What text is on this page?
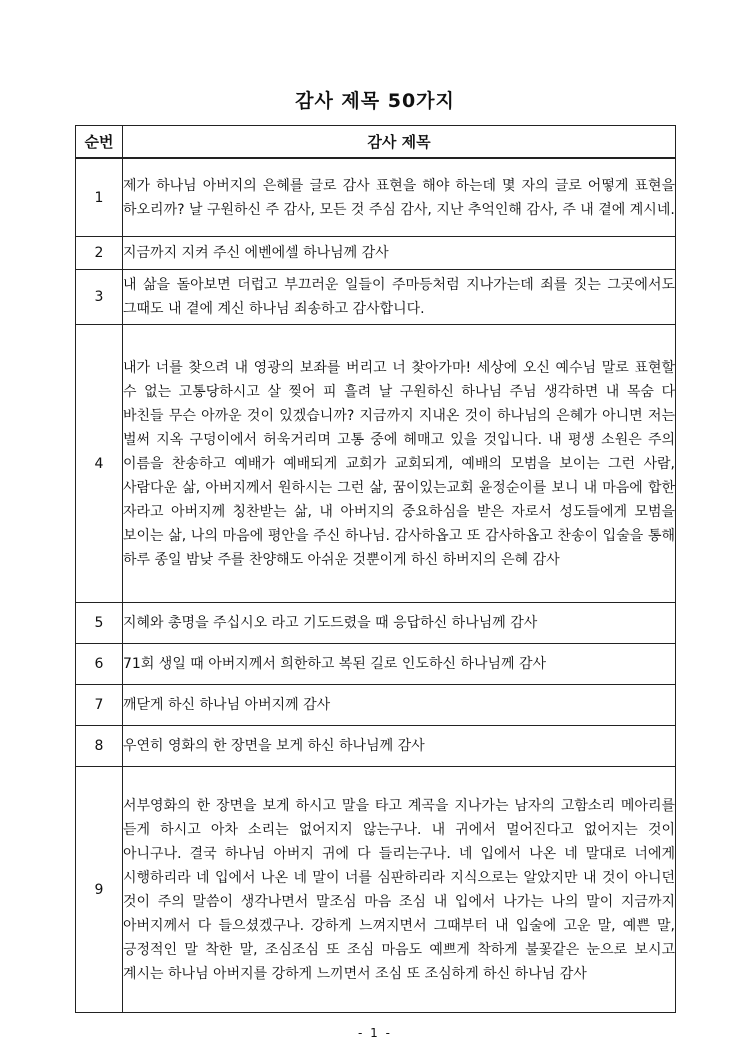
감사 제목 50가지
순번	감사 제목
1	제가 하나님 아버지의 은혜를 글로 감사 표현을 해야 하는데 몇 자의 글로 어떻게 표현을 하오리까? 날 구원하신 주 감사, 모든 것 주심 감사, 지난 추억인해 감사, 주 내 곁에 계시네.
2	지금까지 지켜 주신 에벤에셀 하나님께 감사
3	내 삶을 돌아보면 더럽고 부끄러운 일들이 주마등처럼 지나가는데 죄를 짓는 그곳에서도 그때도 내 곁에 계신 하나님 죄송하고 감사합니다.
4	내가 너를 찾으려 내 영광의 보좌를 버리고 너 찾아가마! 세상에 오신 예수님 말로 표현할 수 없는 고통당하시고 살 찢어 피 흘려 날 구원하신 하나님 주님 생각하면 내 목숨 다 바친들 무슨 아까운 것이 있겠습니까? 지금까지 지내온 것이 하나님의 은혜가 아니면 저는 벌써 지옥 구덩이에서 허욱거리며 고통 중에 헤매고 있을 것입니다. 내 평생 소원은 주의 이름을 찬송하고 예배가 예배되게 교회가 교회되게, 예배의 모범을 보이는 그런 사람, 사람다운 삶, 아버지께서 원하시는 그런 삶, 꿈이있는교회 윤정순이를 보니 내 마음에 합한 자라고 아버지께 칭찬받는 삶, 내 아버지의 중요하심을 받은 자로서 성도들에게 모범을 보이는 삶, 나의 마음에 평안을 주신 하나님. 감사하옵고 또 감사하옵고 찬송이 입술을 통해 하루 종일 밤낮 주를 찬양해도 아쉬운 것뿐이게 하신 하버지의 은혜 감사
5	지혜와 총명을 주십시오 라고 기도드렸을 때 응답하신 하나님께 감사
6	71회 생일 때 아버지께서 희한하고 복된 길로 인도하신 하나님께 감사
7	깨닫게 하신 하나님 아버지께 감사
8	우연히 영화의 한 장면을 보게 하신 하나님께 감사
9	서부영화의 한 장면을 보게 하시고 말을 타고 계곡을 지나가는 남자의 고함소리 메아리를 듣게 하시고 아차 소리는 없어지지 않는구나. 내 귀에서 멀어진다고 없어지는 것이 아니구나. 결국 하나님 아버지 귀에 다 들리는구나. 네 입에서 나온 네 말대로 너에게 시행하리라 네 입에서 나온 네 말이 너를 심판하리라 지식으로는 알았지만 내 것이 아니던 것이 주의 말씀이 생각나면서 말조심 마음 조심 내 입에서 나가는 나의 말이 지금까지 아버지께서 다 들으셨겠구나. 강하게 느껴지면서 그때부터 내 입술에 고운 말, 예쁜 말, 긍정적인 말 착한 말, 조심조심 또 조심 마음도 예쁘게 착하게 불꽃같은 눈으로 보시고 계시는 하나님 아버지를 강하게 느끼면서 조심 또 조심하게 하신 하나님 감사
- 1 -
